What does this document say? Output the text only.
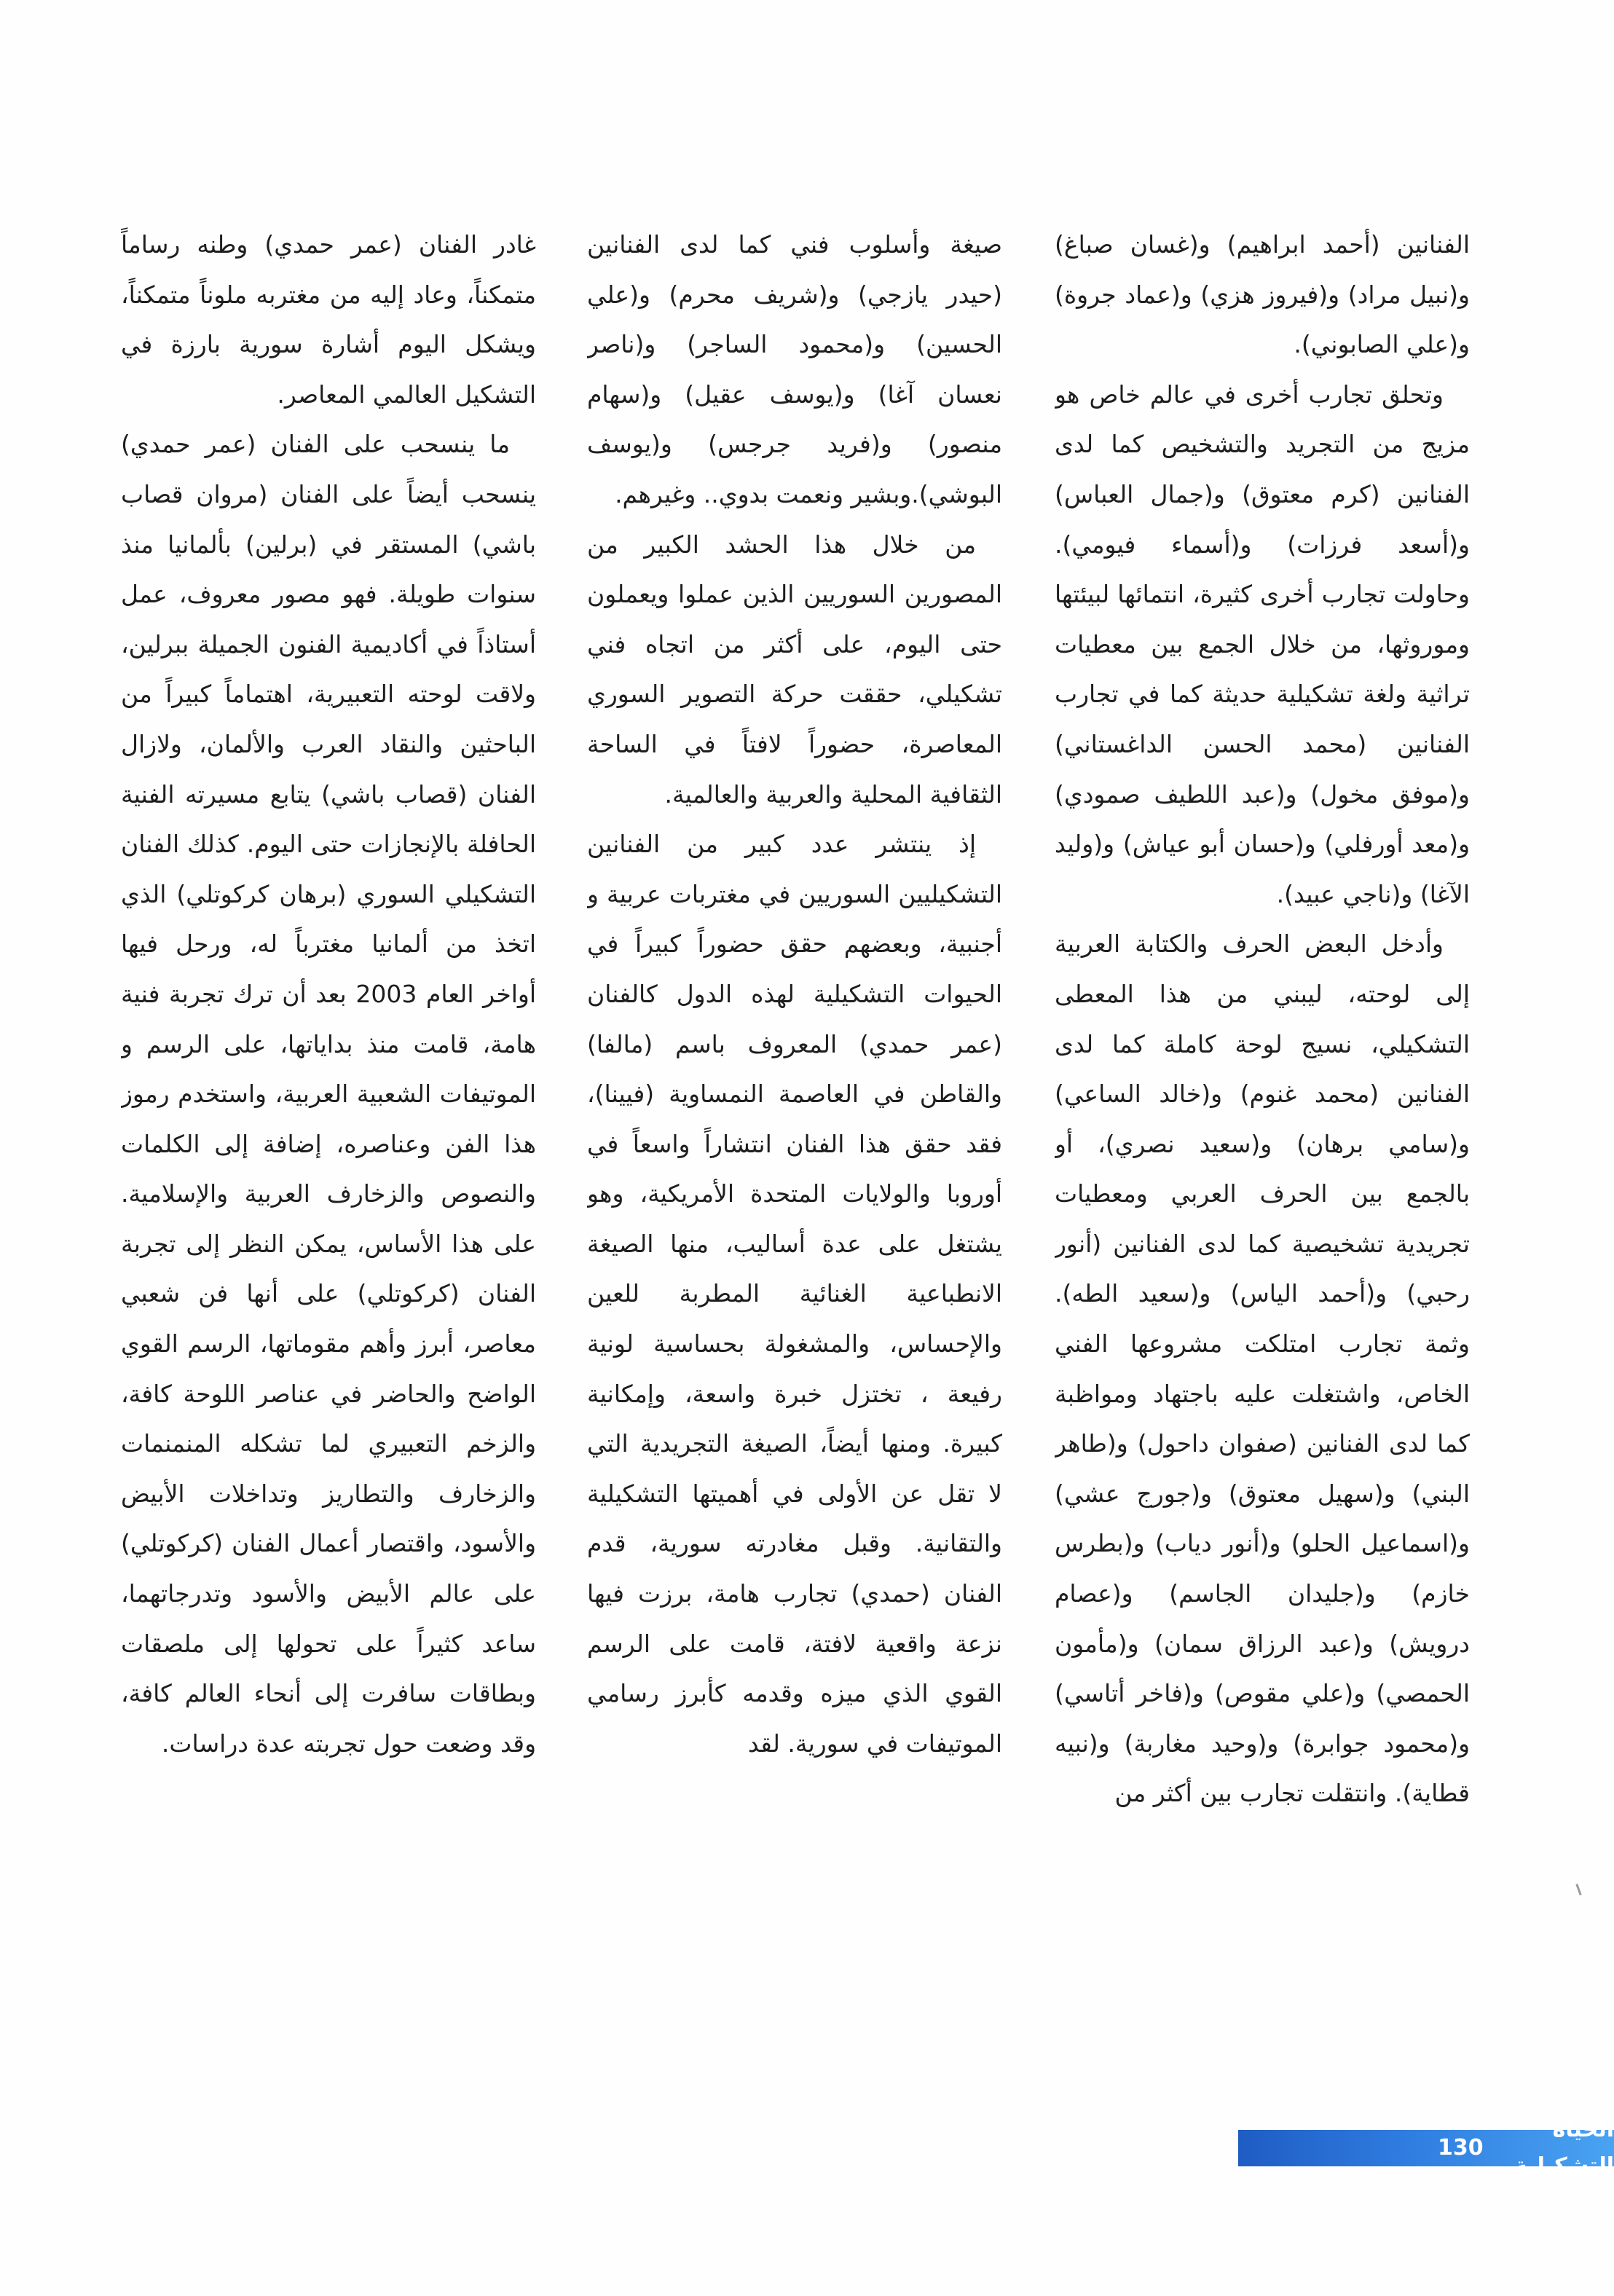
الفنانين (أحمد ابراهيم) و(غسان صباغ) و(نبيل مراد) و(فيروز هزي) و(عماد جروة) و(علي الصابوني).

وتحلق تجارب أخرى في عالم خاص هو مزيج من التجريد والتشخيص كما لدى الفنانين (كرم معتوق) و(جمال العباس) و(أسعد فرزات) و(أسماء فيومي). وحاولت تجارب أخرى كثيرة، انتمائها لبيئتها وموروثها، من خلال الجمع بين معطيات تراثية ولغة تشكيلية حديثة كما في تجارب الفنانين (محمد الحسن الداغستاني) و(موفق مخول) و(عبد اللطيف صمودي) و(معد أورفلي) و(حسان أبو عياش) و(وليد الآغا) و(ناجي عبيد).

وأدخل البعض الحرف والكتابة العربية إلى لوحته، ليبني من هذا المعطى التشكيلي، نسيج لوحة كاملة كما لدى الفنانين (محمد غنوم) و(خالد الساعي) و(سامي برهان) و(سعيد نصري)، أو بالجمع بين الحرف العربي ومعطيات تجريدية تشخيصية كما لدى الفنانين (أنور رحبي) و(أحمد الياس) و(سعيد الطه). وثمة تجارب امتلكت مشروعها الفني الخاص، واشتغلت عليه باجتهاد ومواظبة كما لدى الفنانين (صفوان داحول) و(طاهر البني) و(سهيل معتوق) و(جورج عشي) و(اسماعيل الحلو) و(أنور دياب) و(بطرس خازم) و(جليدان الجاسم) و(عصام درويش) و(عبد الرزاق سمان) و(مأمون الحمصي) و(علي مقوص) و(فاخر أتاسي) و(محمود جوابرة) و(وحيد مغاربة) و(نبيه قطاية). وانتقلت تجارب بين أكثر من

صيغة وأسلوب فني كما لدى الفنانين (حيدر يازجي) و(شريف محرم) و(علي الحسين) و(محمود الساجر) و(ناصر نعسان آغا) و(يوسف عقيل) و(سهام منصور) و(فريد جرجس) و(يوسف البوشي).وبشير ونعمت بدوي.. وغيرهم.

من خلال هذا الحشد الكبير من المصورين السوريين الذين عملوا ويعملون حتى اليوم، على أكثر من اتجاه فني تشكيلي، حققت حركة التصوير السوري المعاصرة، حضوراً لافتاً في الساحة الثقافية المحلية والعربية والعالمية.

إذ ينتشر عدد كبير من الفنانين التشكيليين السوريين في مغتربات عربية و أجنبية، وبعضهم حقق حضوراً كبيراً في الحيوات التشكيلية لهذه الدول كالفنان (عمر حمدي) المعروف باسم (مالفا) والقاطن في العاصمة النمساوية (فيينا)، فقد حقق هذا الفنان انتشاراً واسعاً في أوروبا والولايات المتحدة الأمريكية، وهو يشتغل على عدة أساليب، منها الصيغة الانطباعية الغنائية المطربة للعين والإحساس، والمشغولة بحساسية لونية رفيعة ، تختزل خبرة واسعة، وإمكانية كبيرة. ومنها أيضاً، الصيغة التجريدية التي لا تقل عن الأولى في أهميتها التشكيلية والتقانية. وقبل مغادرته سورية، قدم الفنان (حمدي) تجارب هامة، برزت فيها نزعة واقعية لافتة، قامت على الرسم القوي الذي ميزه وقدمه كأبرز رسامي الموتيفات في سورية. لقد

غادر الفنان (عمر حمدي) وطنه رساماً متمكناً، وعاد إليه من مغتربه ملوناً متمكناً، ويشكل اليوم أشارة سورية بارزة في التشكيل العالمي المعاصر.

ما ينسحب على الفنان (عمر حمدي) ينسحب أيضاً على الفنان (مروان قصاب باشي) المستقر في (برلين) بألمانيا منذ سنوات طويلة. فهو مصور معروف، عمل أستاذاً في أكاديمية الفنون الجميلة ببرلين، ولاقت لوحته التعبيرية، اهتماماً كبيراً من الباحثين والنقاد العرب والألمان، ولازال الفنان (قصاب باشي) يتابع مسيرته الفنية الحافلة بالإنجازات حتى اليوم. كذلك الفنان التشكيلي السوري (برهان كركوتلي) الذي اتخذ من ألمانيا مغترباً له، ورحل فيها أواخر العام 2003 بعد أن ترك تجربة فنية هامة، قامت منذ بداياتها، على الرسم و الموتيفات الشعبية العربية، واستخدم رموز هذا الفن وعناصره، إضافة إلى الكلمات والنصوص والزخارف العربية والإسلامية. على هذا الأساس، يمكن النظر إلى تجربة الفنان (كركوتلي) على أنها فن شعبي معاصر، أبرز وأهم مقوماتها، الرسم القوي الواضح والحاضر في عناصر اللوحة كافة، والزخم التعبيري لما تشكله المنمنمات والزخارف والتطاريز وتداخلات الأبيض والأسود، واقتصار أعمال الفنان (كركوتلي) على عالم الأبيض والأسود وتدرجاتهما، ساعد كثيراً على تحولها إلى ملصقات وبطاقات سافرت إلى أنحاء العالم كافة، وقد وضعت حول تجربته عدة دراسات.

130
الحياة التشكيلية
